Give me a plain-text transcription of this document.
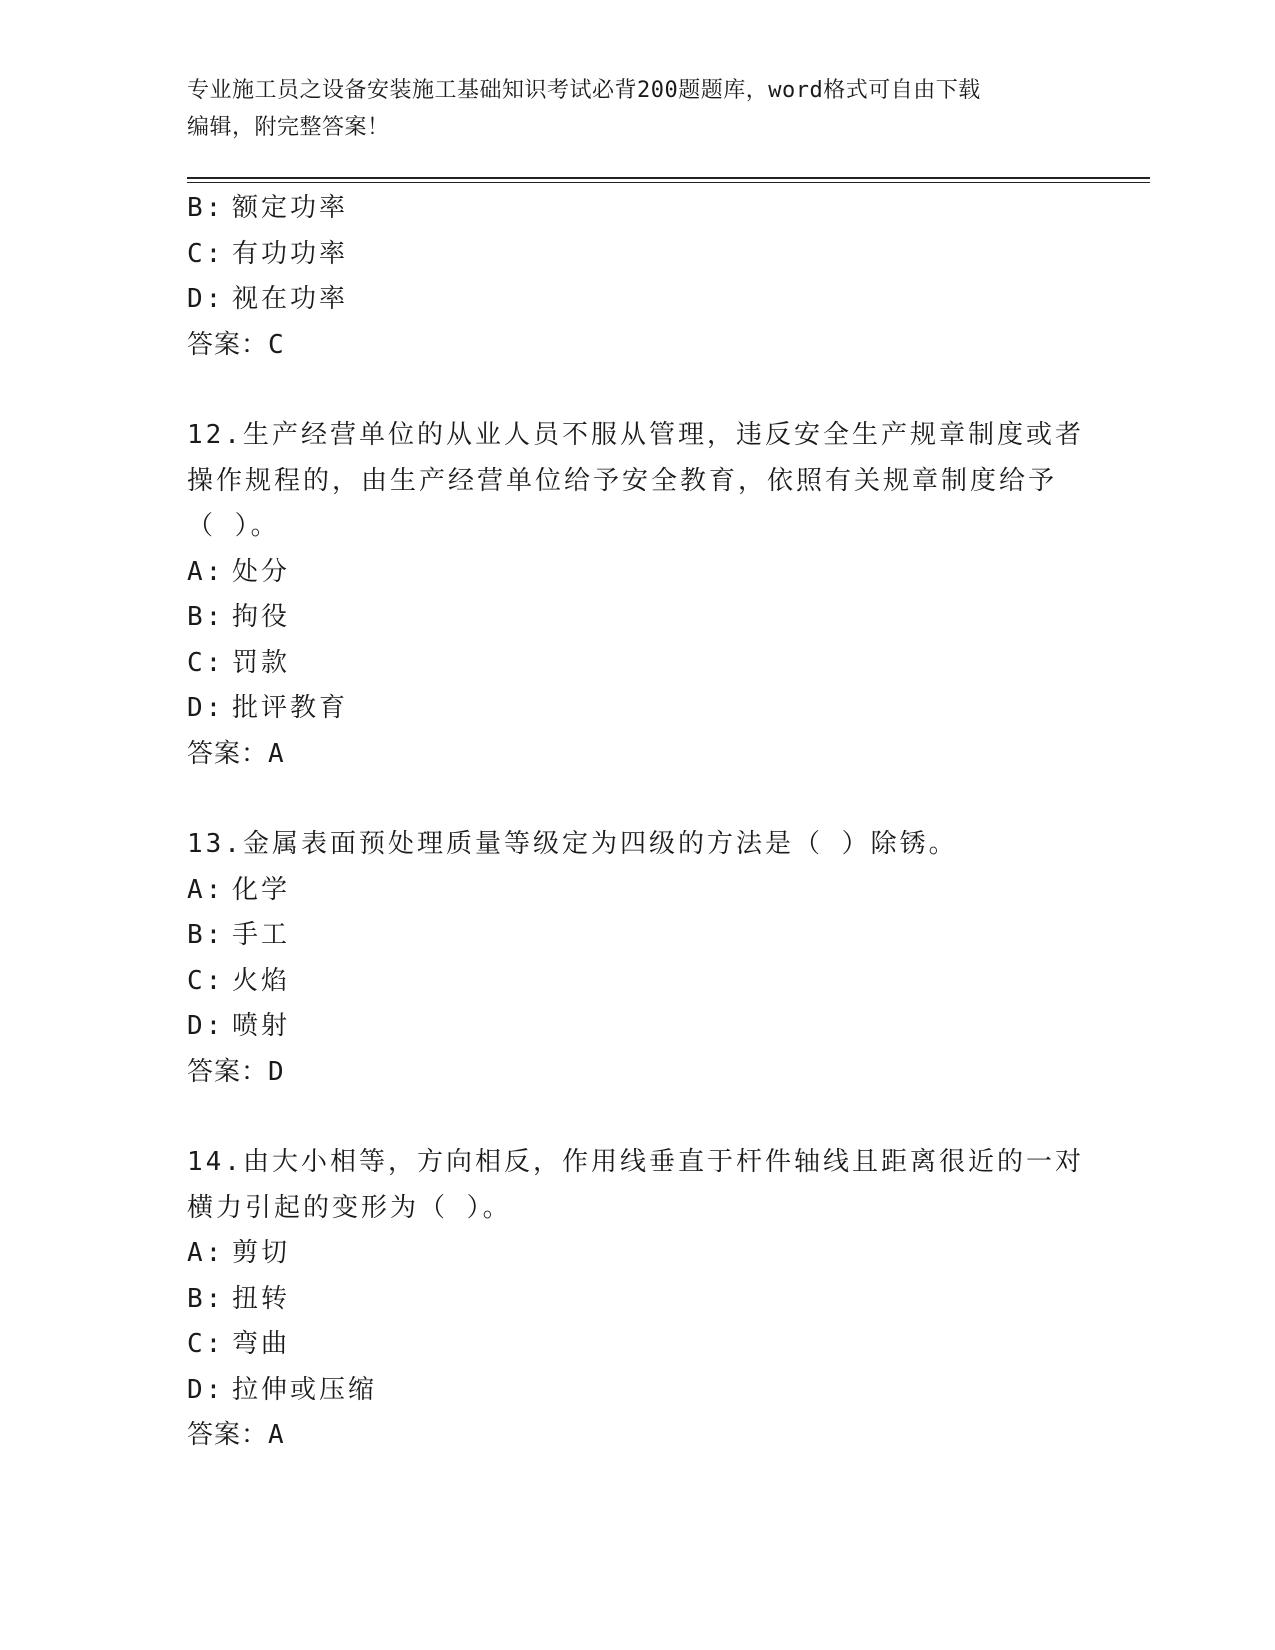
专业施工员之设备安装施工基础知识考试必背200题题库，word格式可自由下载
编辑，附完整答案！
B: 额定功率
C: 有功功率
D: 视在功率
答案：C
12.生产经营单位的从业人员不服从管理，违反安全生产规章制度或者
操作规程的，由生产经营单位给予安全教育，依照有关规章制度给予
（ ）。
A: 处分
B: 拘役
C: 罚款
D: 批评教育
答案：A
13.金属表面预处理质量等级定为四级的方法是（ ）除锈。
A: 化学
B: 手工
C: 火焰
D: 喷射
答案：D
14.由大小相等，方向相反，作用线垂直于杆件轴线且距离很近的一对
横力引起的变形为（ ）。
A: 剪切
B: 扭转
C: 弯曲
D: 拉伸或压缩
答案：A
